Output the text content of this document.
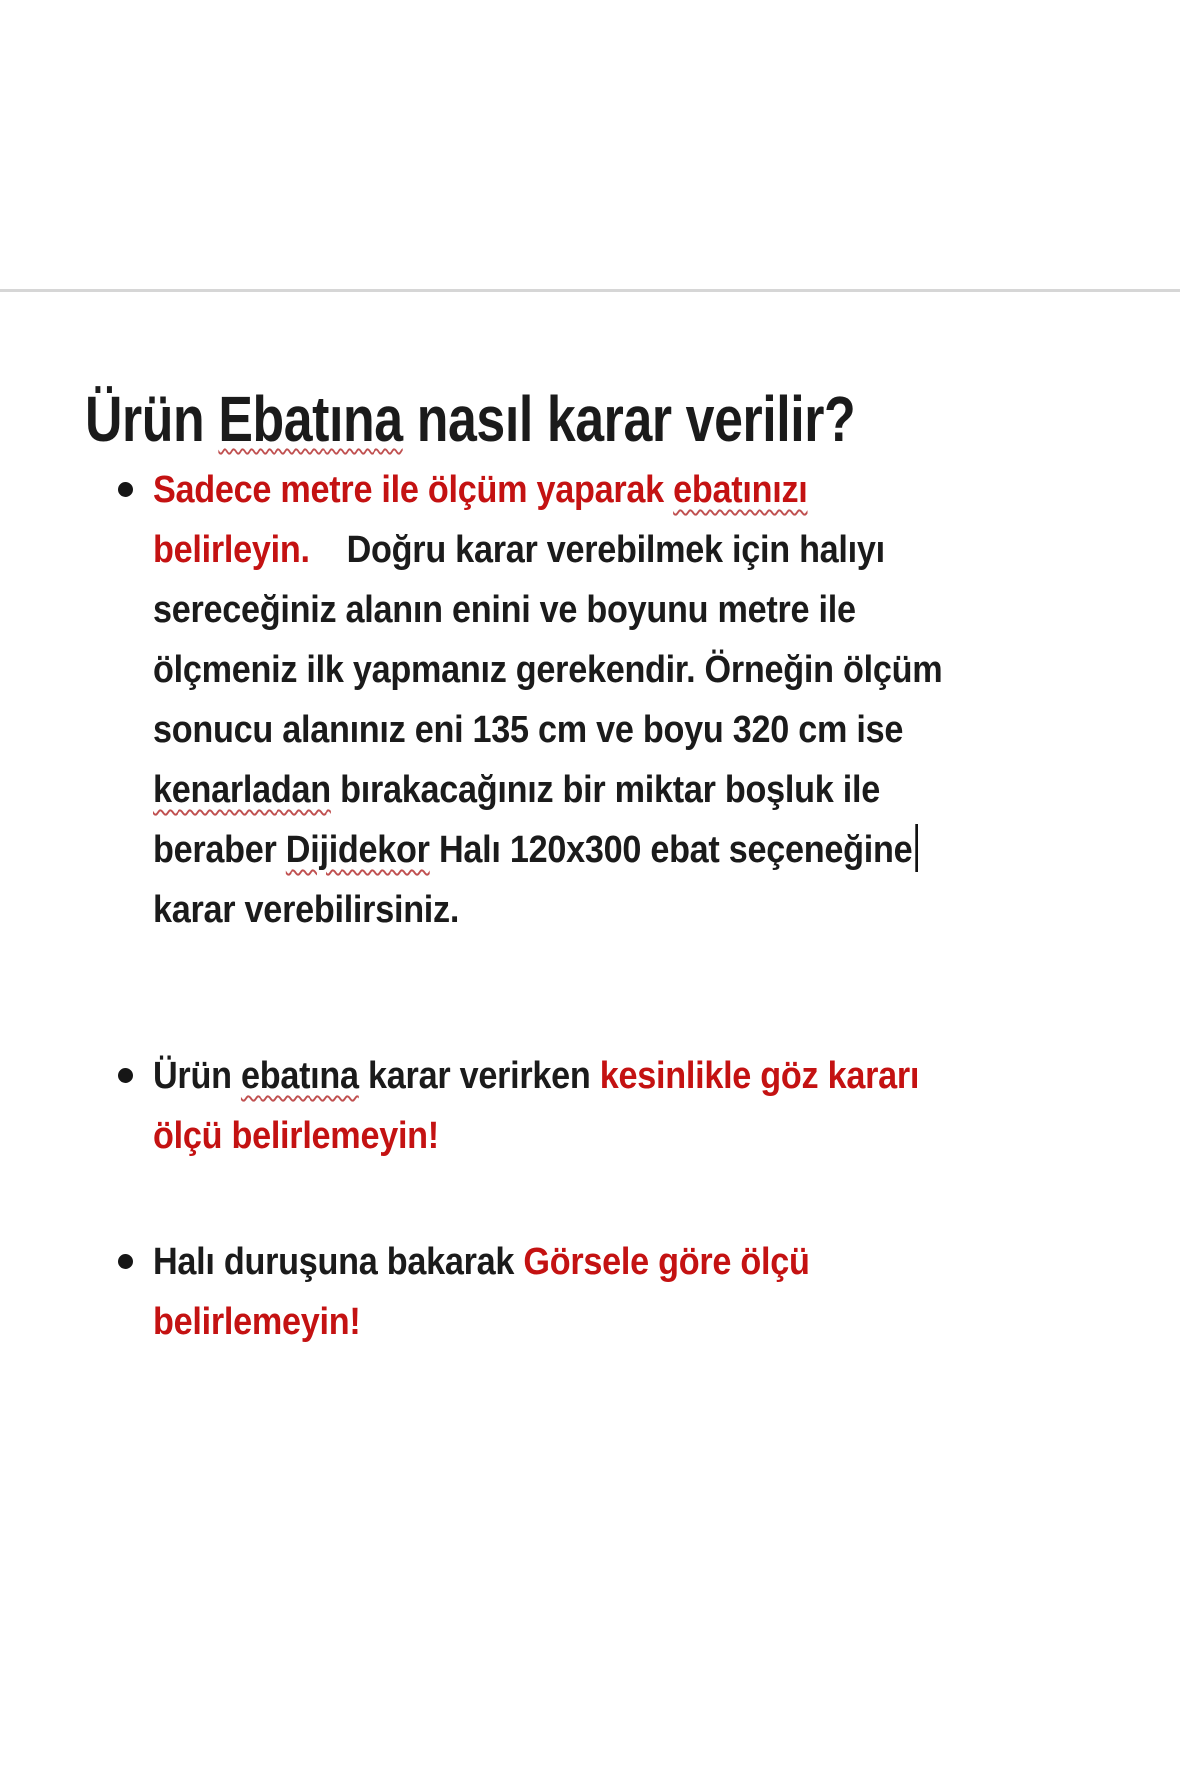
Ürün Ebatına nasıl karar verilir?
Sadece metre ile ölçüm yaparak ebatınızı
belirleyin.    Doğru karar verebilmek için halıyı
sereceğiniz alanın enini ve boyunu metre ile
ölçmeniz ilk yapmanız gerekendir. Örneğin ölçüm
sonucu alanınız eni 135 cm ve boyu 320 cm ise
kenarladan bırakacağınız bir miktar boşluk ile
beraber Dijidekor Halı 120x300 ebat seçeneğine
karar verebilirsiniz.
Ürün ebatına karar verirken kesinlikle göz kararı
ölçü belirlemeyin!
Halı duruşuna bakarak Görsele göre ölçü
belirlemeyin!
